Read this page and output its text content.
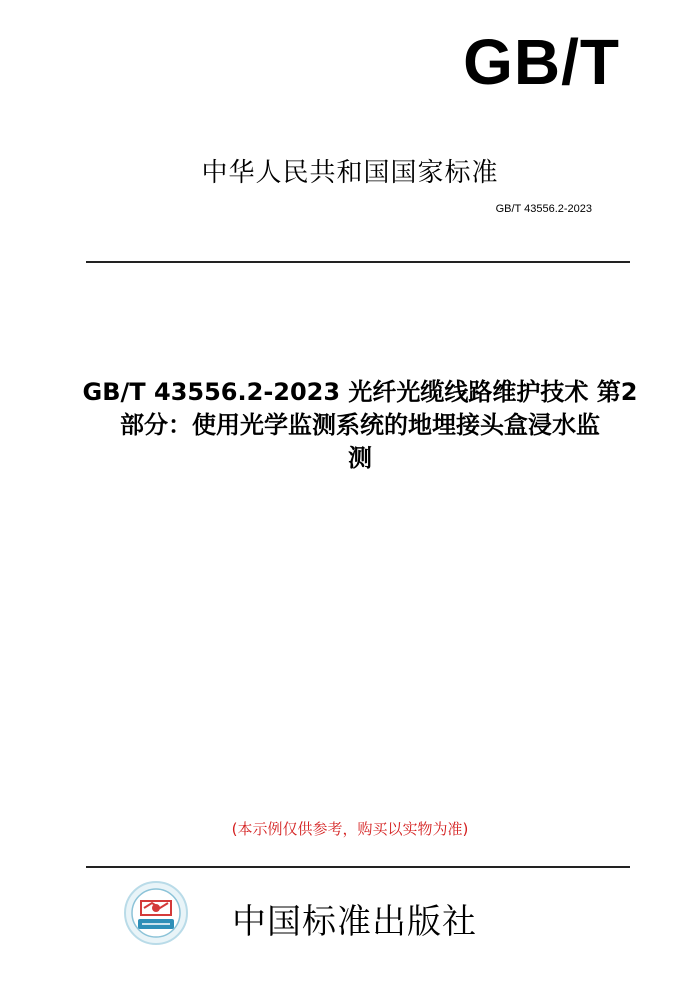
GB/T
中华人民共和国国家标准
GB/T 43556.2-2023
GB/T 43556.2-2023 光纤光缆线路维护技术 第2
部分：使用光学监测系统的地埋接头盒浸水监
测
(本示例仅供参考，购买以实物为准)
中国标准出版社
